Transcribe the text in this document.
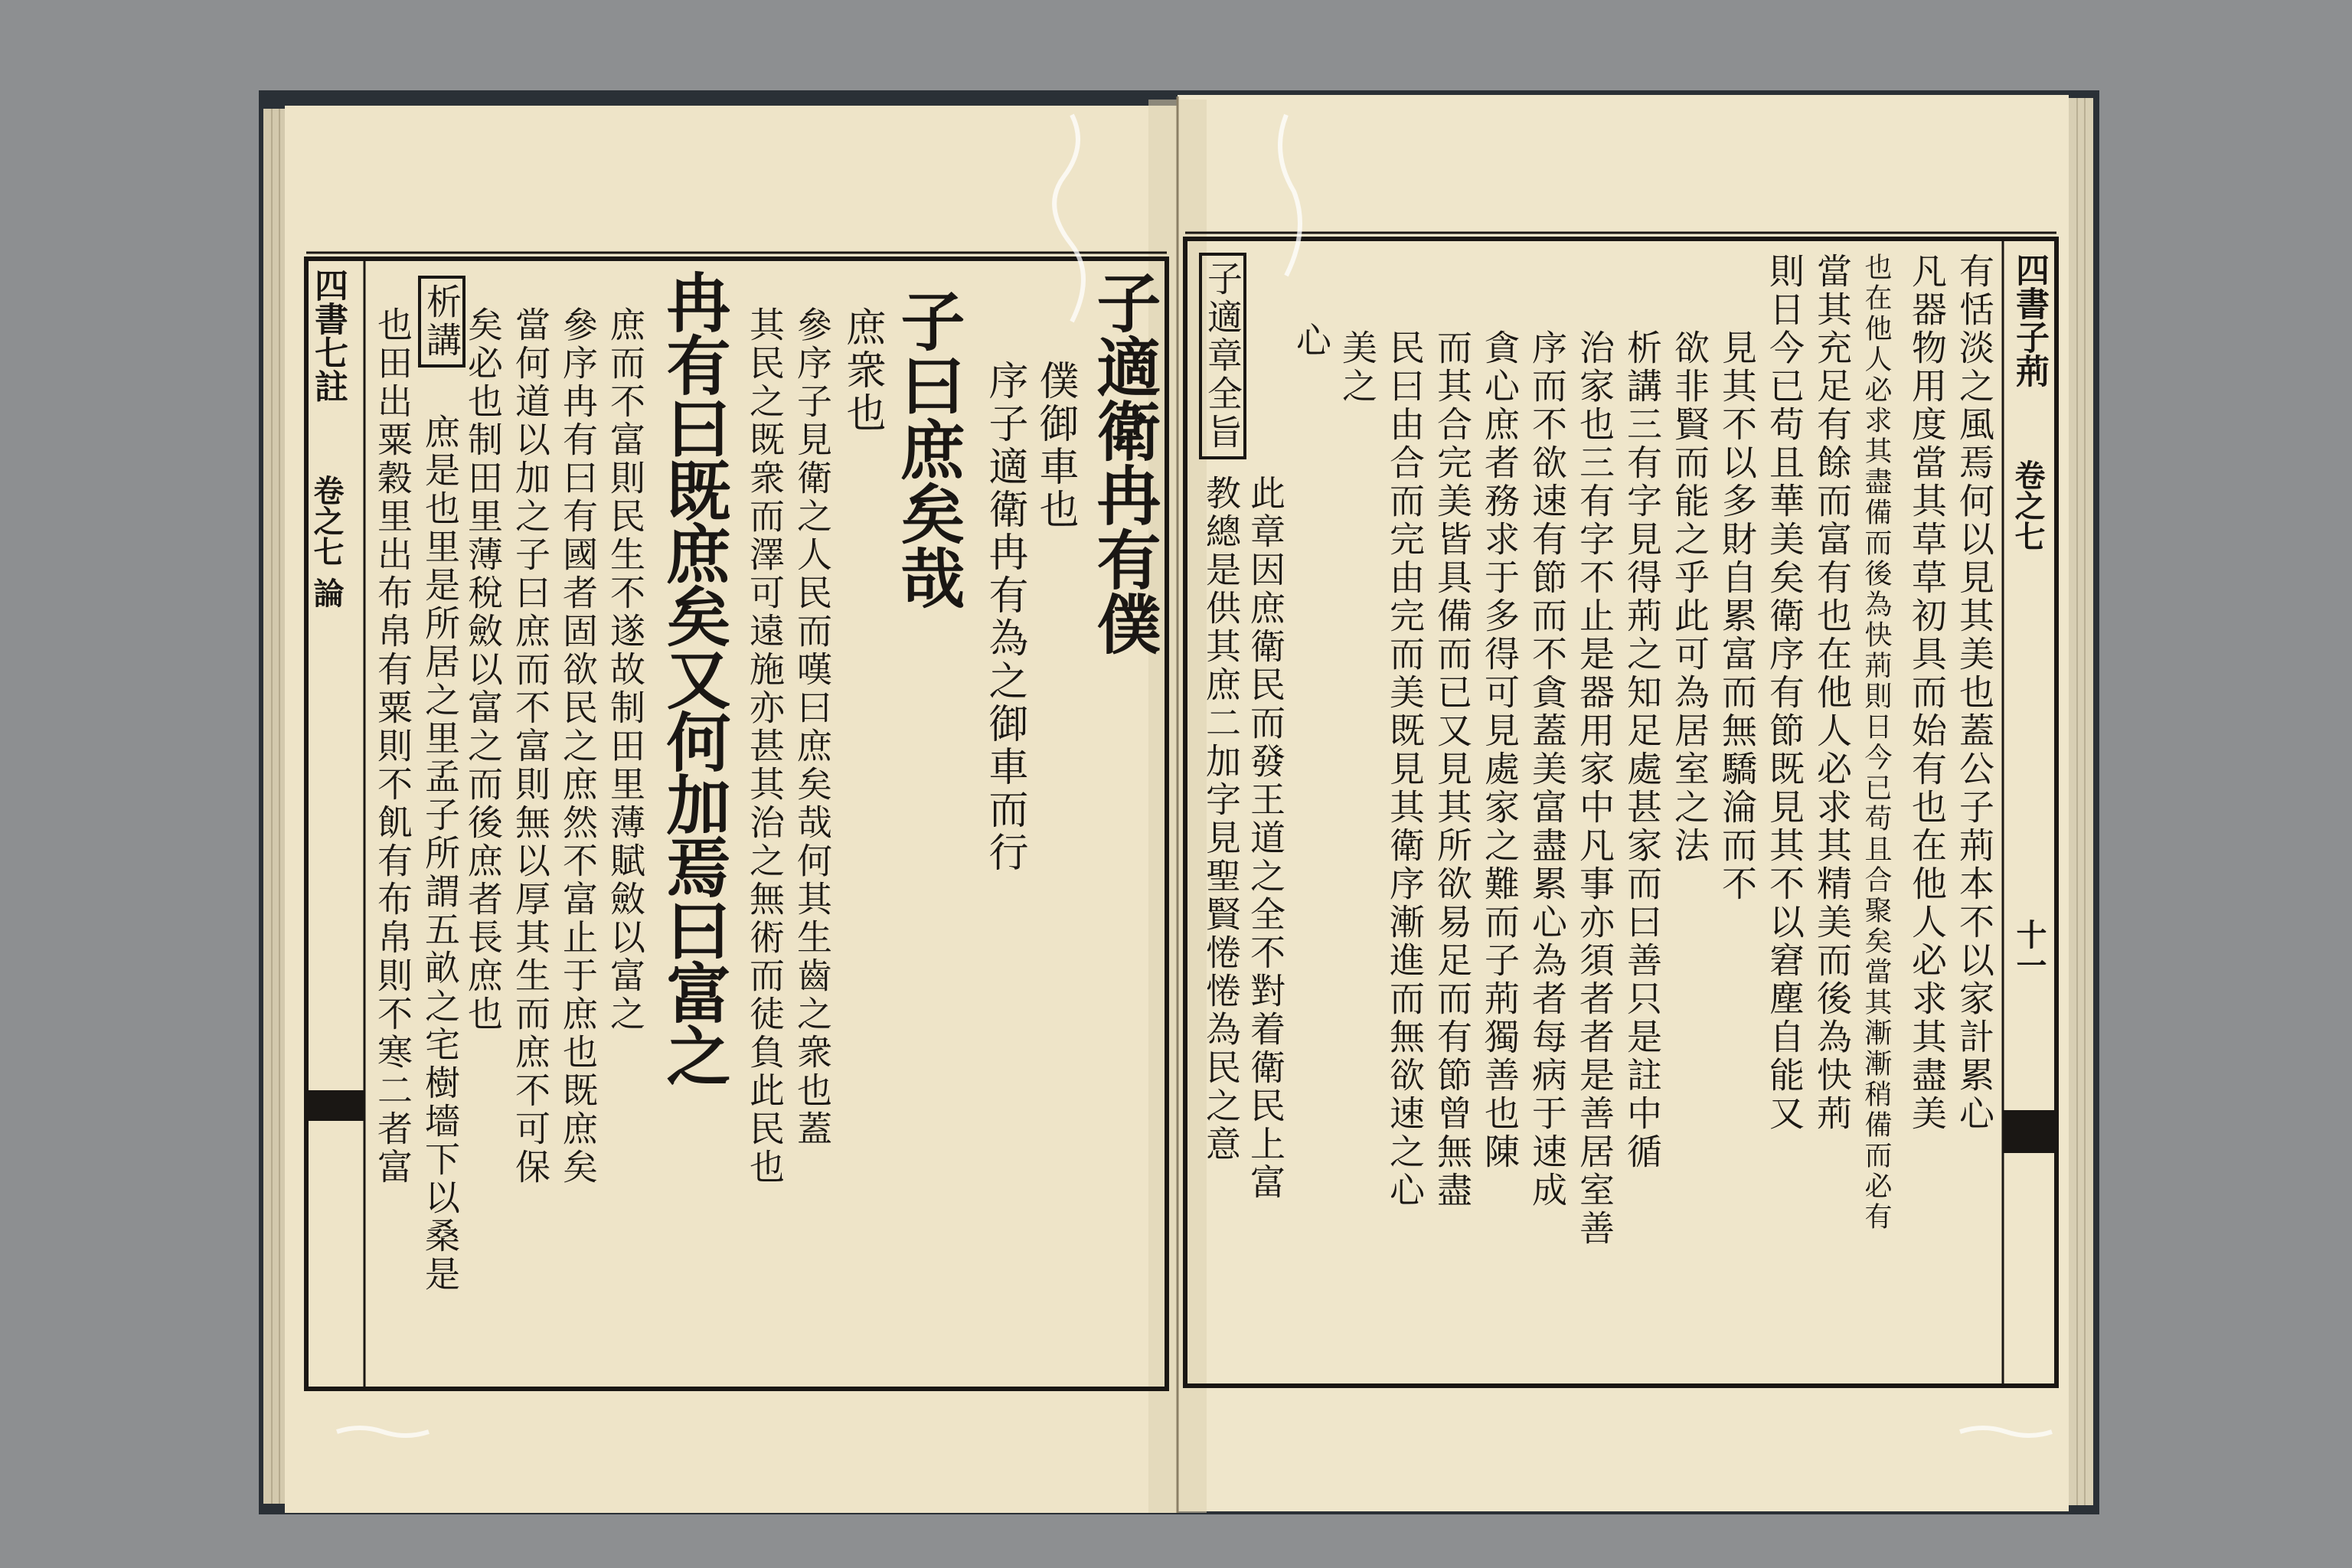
四書七註
卷之七 論	子適衛冉有僕
僕御車也
序子適衛冉有為之御車而行
子曰庶矣哉
庶衆也
參序子見衛之人民而嘆曰庶矣哉何其生齒之衆也蓋
其民之既衆而澤可遠施亦甚其治之無術而徒負此民也
冉有曰既庶矣又何加焉曰富之
庶而不富則民生不遂故制田里薄賦斂以富之
參序冉有曰有國者固欲民之庶然不富止于庶也既庶矣
當何道以加之子曰庶而不富則無以厚其生而庶不可保
矣必也制田里薄稅斂以富之而後庶者長庶也
析講
庶是也里是所居之里孟子所謂五畝之宅樹墻下以桑是
也田出粟穀里出布帛有粟則不飢有布帛則不寒二者富	子適章全旨
此章因庶衛民而發王道之全不對着衛民上富
教總是供其庶二加字見聖賢惓惓為民之意
心 美之 民曰由合而完由完而美既見其衛序漸進而無欲速之心 而其合完美皆具備而已又見其所欲易足而有節曾無盡 貪心庶者務求于多得可見處家之難而子荊獨善也陳 序而不欲速有節而不貪蓋美富盡累心為者每病于速成 治家也三有字不止是器用家中凡事亦須者者是善居室善 析講三有字見得荊之知足處甚家而曰善只是註中循 欲非賢而能之乎此可為居室之法 見其不以多財自累富而無驕淪而不 則日今已苟且華美矣衛序有節既見其不以窘塵自能又 當其充足有餘而富有也在他人必求其精美而後為快荊 也在他人必求其盡備而後為快荊則日今已苟且合聚矣當其漸漸稍備而必有 凡器物用度當其草草初具而始有也在他人必求其盡美 有恬淡之風焉何以見其美也蓋公子荊本不以家計累心 四書子荊
卷之七
十一
